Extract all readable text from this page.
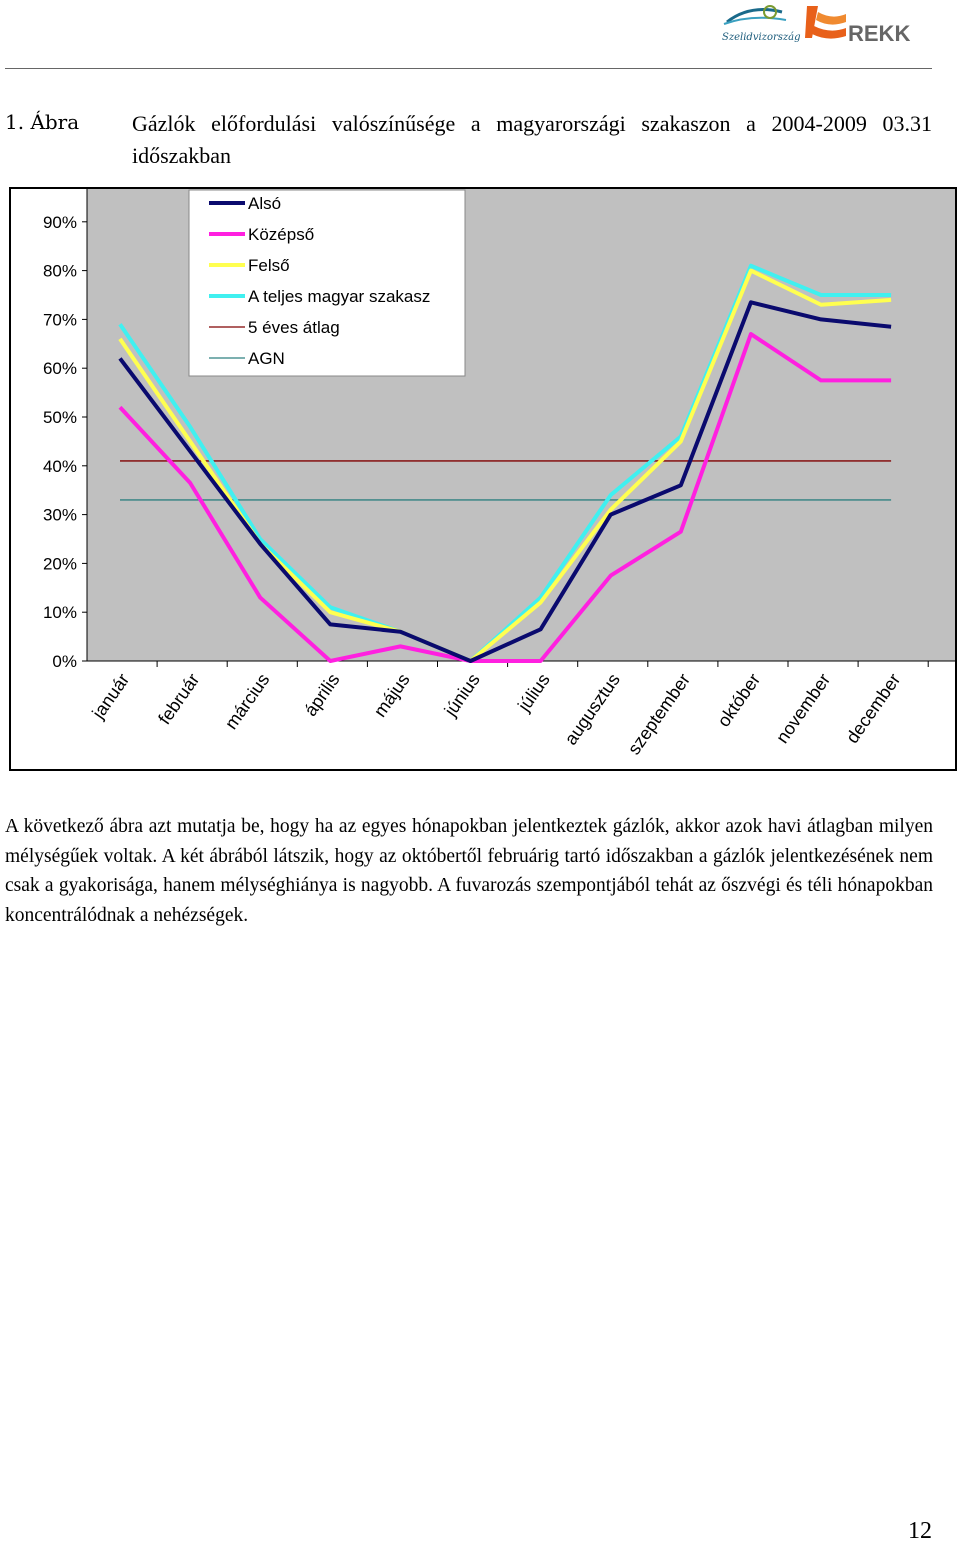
Szelidvizország REKK
1. Ábra Gázlók előfordulási valószínűsége a magyarországi szakaszon a 2004-2009 03.31 időszakban
0%
10%
20%
30%
40%
50%
60%
70%
80%
90%
január február március április május június július augusztus szeptember október november december
Alsó
Középső
Felső
A teljes magyar szakasz
5 éves átlag
AGN
A következő ábra azt mutatja be, hogy ha az egyes hónapokban jelentkeztek gázlók, akkor azok havi átlagban milyen mélységűek voltak. A két ábrából látszik, hogy az októbertől februárig tartó időszakban a gázlók jelentkezésének nem csak a gyakorisága, hanem mélységhiánya is nagyobb. A fuvarozás szempontjából tehát az őszvégi és téli hónapokban koncentrálódnak a nehézségek.
12
